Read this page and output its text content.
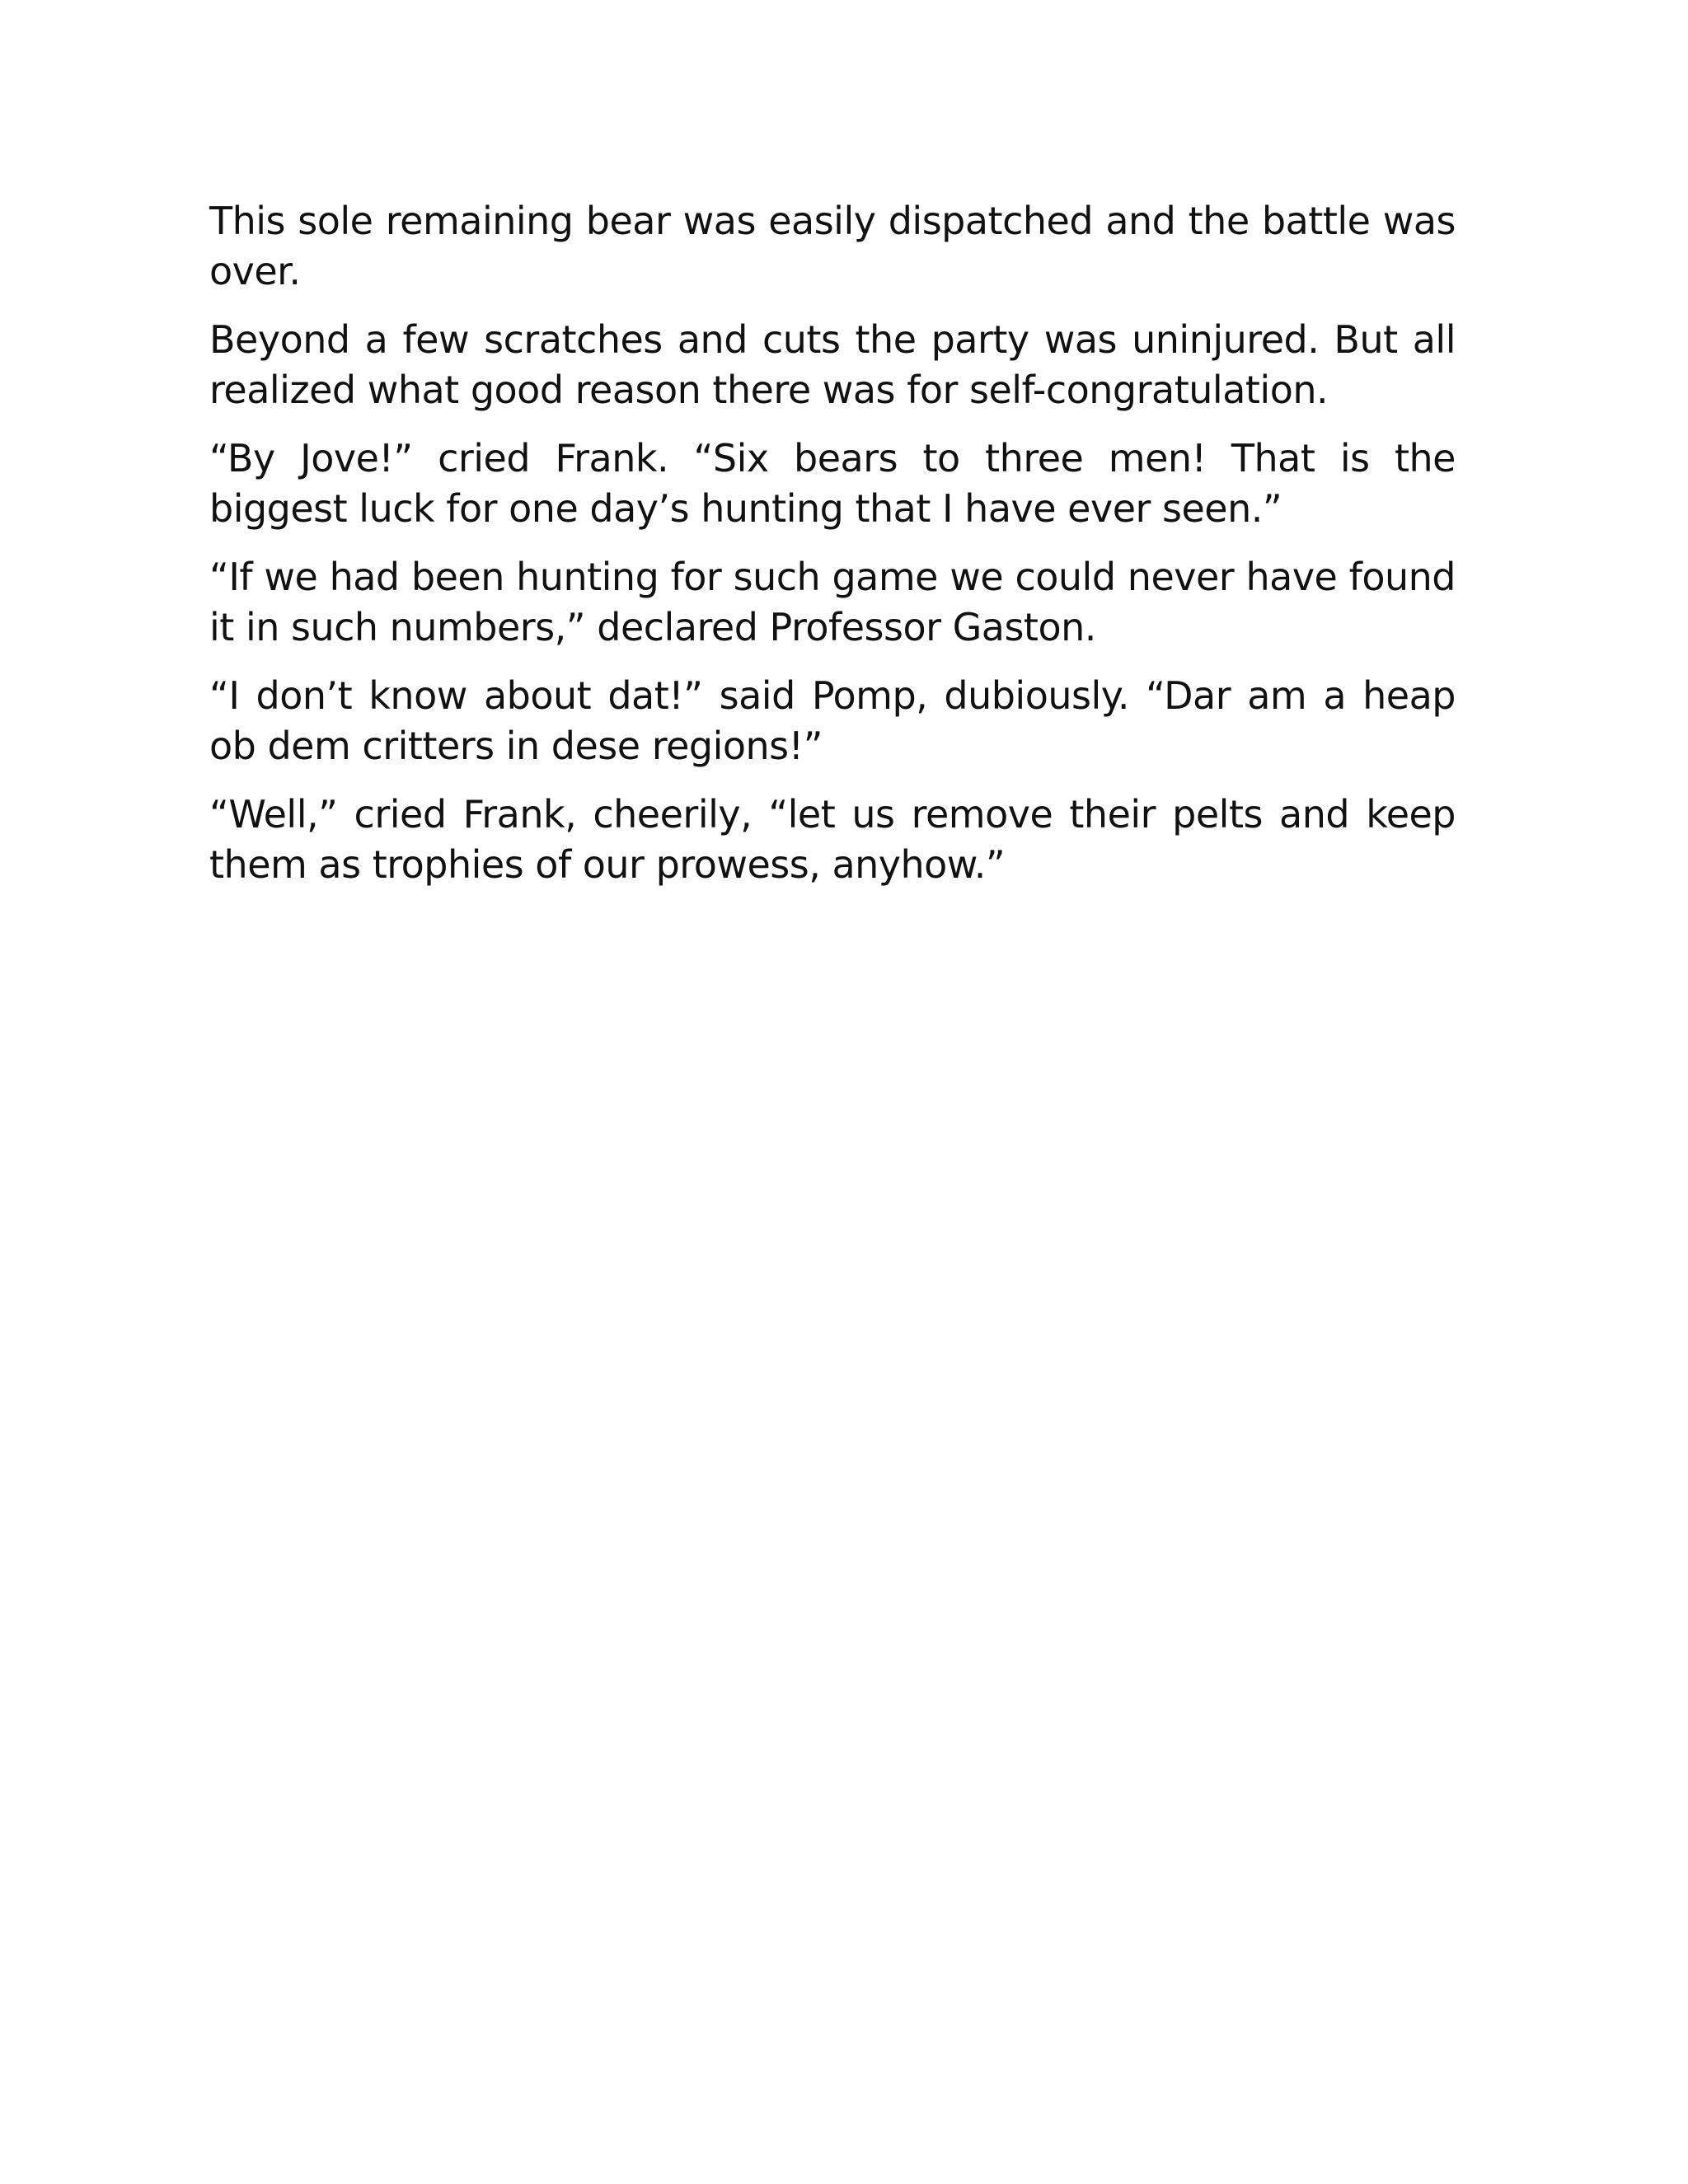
This sole remaining bear was easily dispatched and the battle was over.

Beyond a few scratches and cuts the party was uninjured. But all realized what good reason there was for self-congratulation.

“By Jove!” cried Frank. “Six bears to three men! That is the biggest luck for one day’s hunting that I have ever seen.”

“If we had been hunting for such game we could never have found it in such numbers,” declared Professor Gaston.

“I don’t know about dat!” said Pomp, dubiously. “Dar am a heap ob dem critters in dese regions!”

“Well,” cried Frank, cheerily, “let us remove their pelts and keep them as trophies of our prowess, anyhow.”
